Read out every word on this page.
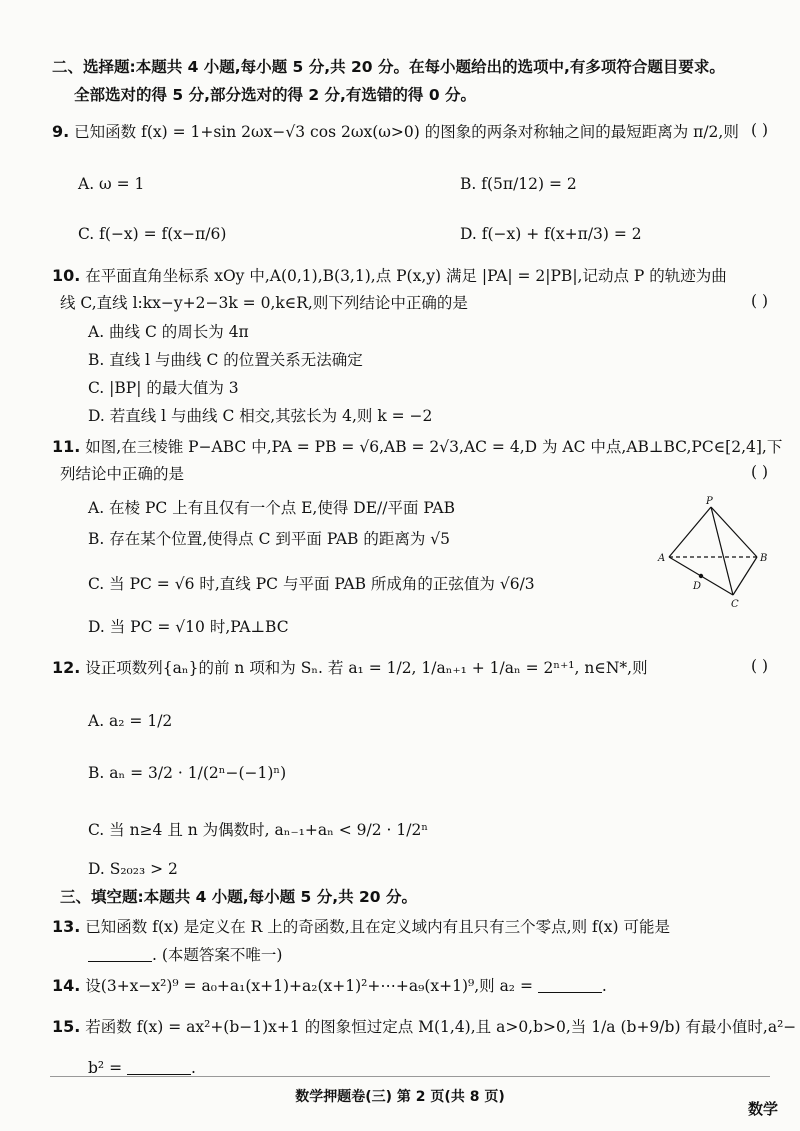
二、选择题:本题共 4 小题,每小题 5 分,共 20 分。在每小题给出的选项中,有多项符合题目要求。
全部选对的得 5 分,部分选对的得 2 分,有选错的得 0 分。
9. 已知函数 f(x) = 1+sin 2ωx−√3 cos 2ωx(ω>0) 的图象的两条对称轴之间的最短距离为 π/2,则 ( )
A. ω = 1	B. f(5π/12) = 2
C. f(−x) = f(x−π/6)	D. f(−x) + f(x+π/3) = 2
10. 在平面直角坐标系 xOy 中,A(0,1),B(3,1),点 P(x,y) 满足 |PA| = 2|PB|,记动点 P 的轨迹为曲
线 C,直线 l:kx−y+2−3k = 0,k∈R,则下列结论中正确的是	( )
A. 曲线 C 的周长为 4π
B. 直线 l 与曲线 C 的位置关系无法确定
C. |BP| 的最大值为 3
D. 若直线 l 与曲线 C 相交,其弦长为 4,则 k = −2
11. 如图,在三棱锥 P−ABC 中,PA = PB = √6,AB = 2√3,AC = 4,D 为 AC 中点,AB⊥BC,PC∈[2,4],下
列结论中正确的是	( )
A. 在棱 PC 上有且仅有一个点 E,使得 DE//平面 PAB
B. 存在某个位置,使得点 C 到平面 PAB 的距离为 √5
C. 当 PC = √6 时,直线 PC 与平面 PAB 所成角的正弦值为 √6/3
D. 当 PC = √10 时,PA⊥BC
P
A	B
C
D
12. 设正项数列{aₙ}的前 n 项和为 Sₙ. 若 a₁ = 1/2, 1/aₙ₊₁ + 1/aₙ = 2ⁿ⁺¹, n∈N*,则	( )
A. a₂ = 1/2
B. aₙ = 3/2 · 1/(2ⁿ−(−1)ⁿ)
C. 当 n≥4 且 n 为偶数时, aₙ₋₁+aₙ < 9/2 · 1/2ⁿ
D. S₂₀₂₃ > 2
三、填空题:本题共 4 小题,每小题 5 分,共 20 分。
13. 已知函数 f(x) 是定义在 R 上的奇函数,且在定义域内有且只有三个零点,则 f(x) 可能是
. (本题答案不唯一)
14. 设(3+x−x²)⁹ = a₀+a₁(x+1)+a₂(x+1)²+⋯+a₉(x+1)⁹,则 a₂ =	.
15. 若函数 f(x) = ax²+(b−1)x+1 的图象恒过定点 M(1,4),且 a>0,b>0,当 1/a (b+9/b) 有最小值时,a²−
b² =	.
数学押题卷(三) 第 2 页(共 8 页)
数学
